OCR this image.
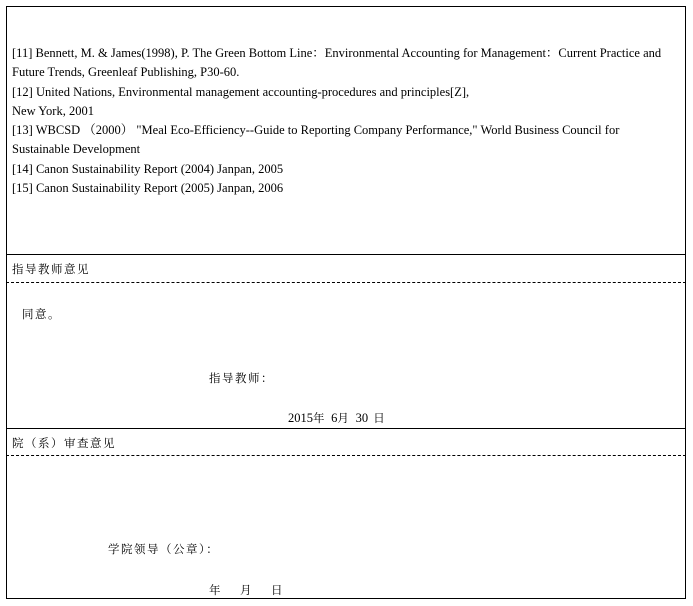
[11] Bennett, M. & James(1998), P. The Green Bottom Line：Environmental Accounting for Management：Current Practice and Future Trends, Greenleaf Publishing, P30-60.
[12] United Nations, Environmental management accounting-procedures and principles[Z],
New York, 2001
[13] WBCSD （2000） "Meal Eco-Efficiency--Guide to Reporting Company Performance," World Business Council for Sustainable Development
[14] Canon Sustainability Report (2004) Janpan, 2005
[15] Canon Sustainability Report (2005) Janpan, 2006
指导教师意见
同意。
指导教师：
2015年 6月 30 日
院（系）审查意见
学院领导（公章）：
年　月　日
